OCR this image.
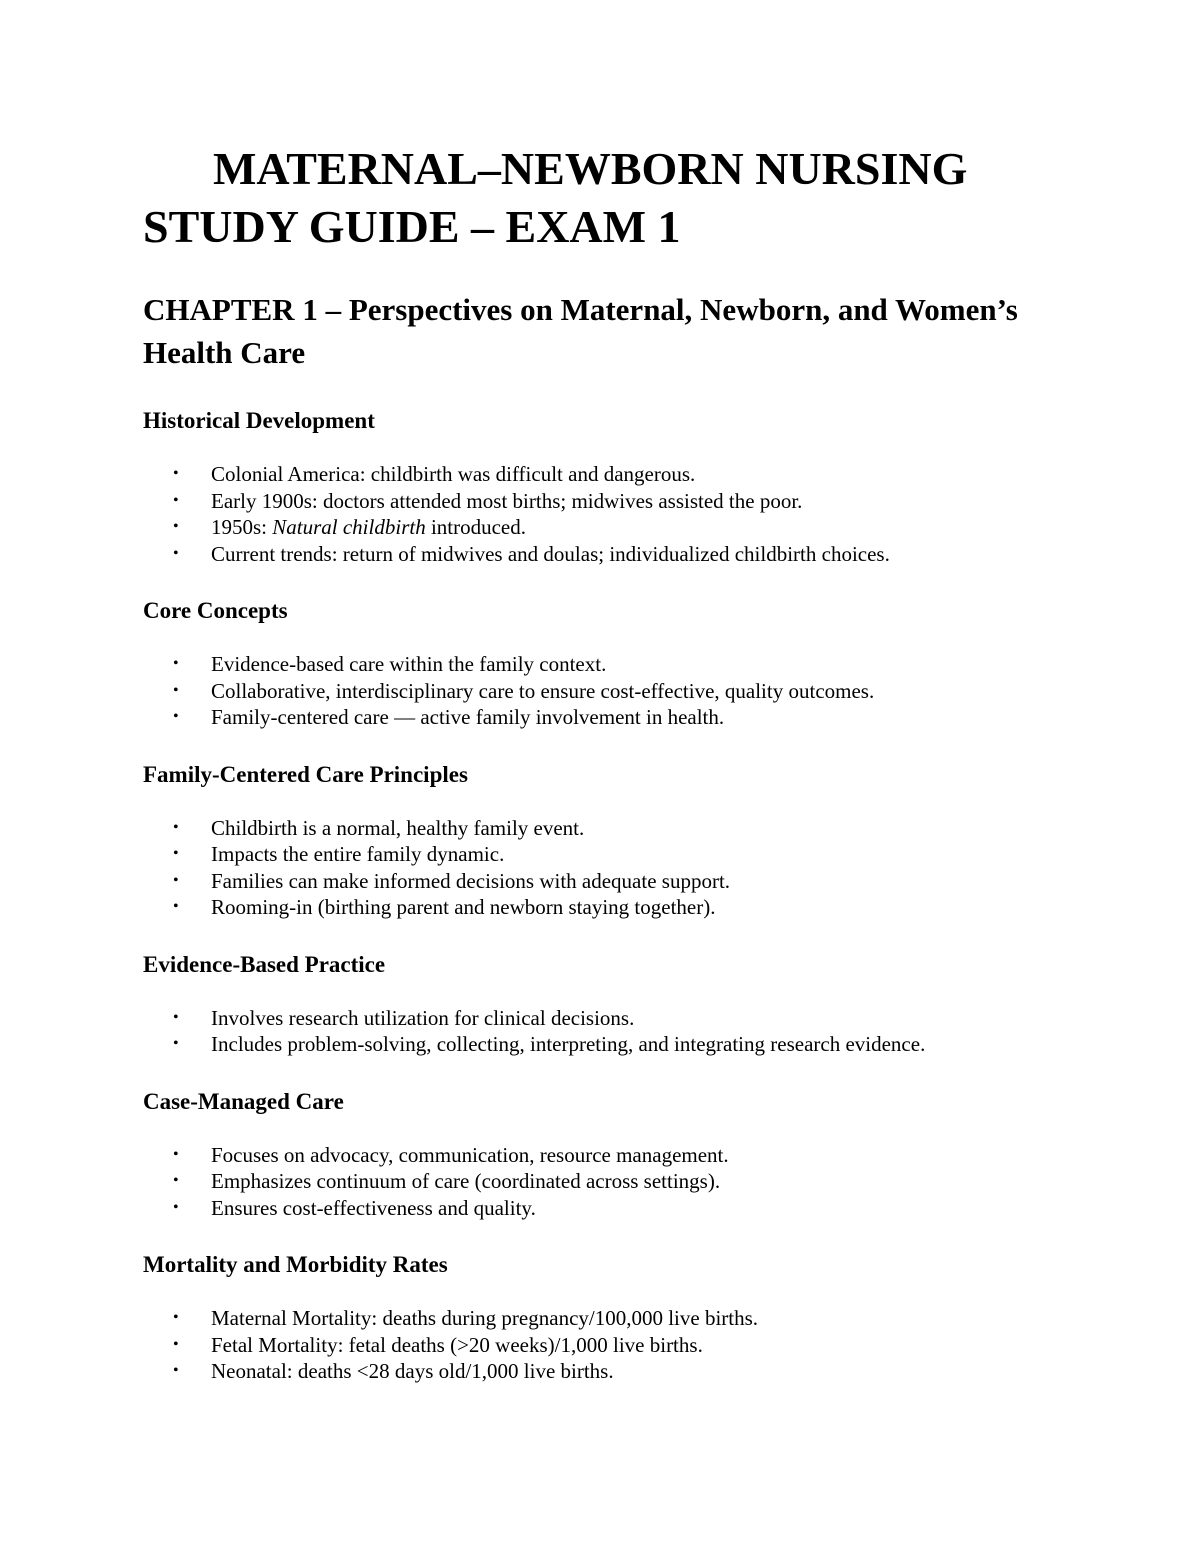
MATERNAL–NEWBORN NURSING STUDY GUIDE – EXAM 1
CHAPTER 1 – Perspectives on Maternal, Newborn, and Women’s Health Care
Historical Development
• Colonial America: childbirth was difficult and dangerous.
• Early 1900s: doctors attended most births; midwives assisted the poor.
• 1950s: Natural childbirth introduced.
• Current trends: return of midwives and doulas; individualized childbirth choices.
Core Concepts
• Evidence-based care within the family context.
• Collaborative, interdisciplinary care to ensure cost-effective, quality outcomes.
• Family-centered care — active family involvement in health.
Family-Centered Care Principles
• Childbirth is a normal, healthy family event.
• Impacts the entire family dynamic.
• Families can make informed decisions with adequate support.
• Rooming-in (birthing parent and newborn staying together).
Evidence-Based Practice
• Involves research utilization for clinical decisions.
• Includes problem-solving, collecting, interpreting, and integrating research evidence.
Case-Managed Care
• Focuses on advocacy, communication, resource management.
• Emphasizes continuum of care (coordinated across settings).
• Ensures cost-effectiveness and quality.
Mortality and Morbidity Rates
• Maternal Mortality: deaths during pregnancy/100,000 live births.
• Fetal Mortality: fetal deaths (>20 weeks)/1,000 live births.
• Neonatal: deaths <28 days old/1,000 live births.
